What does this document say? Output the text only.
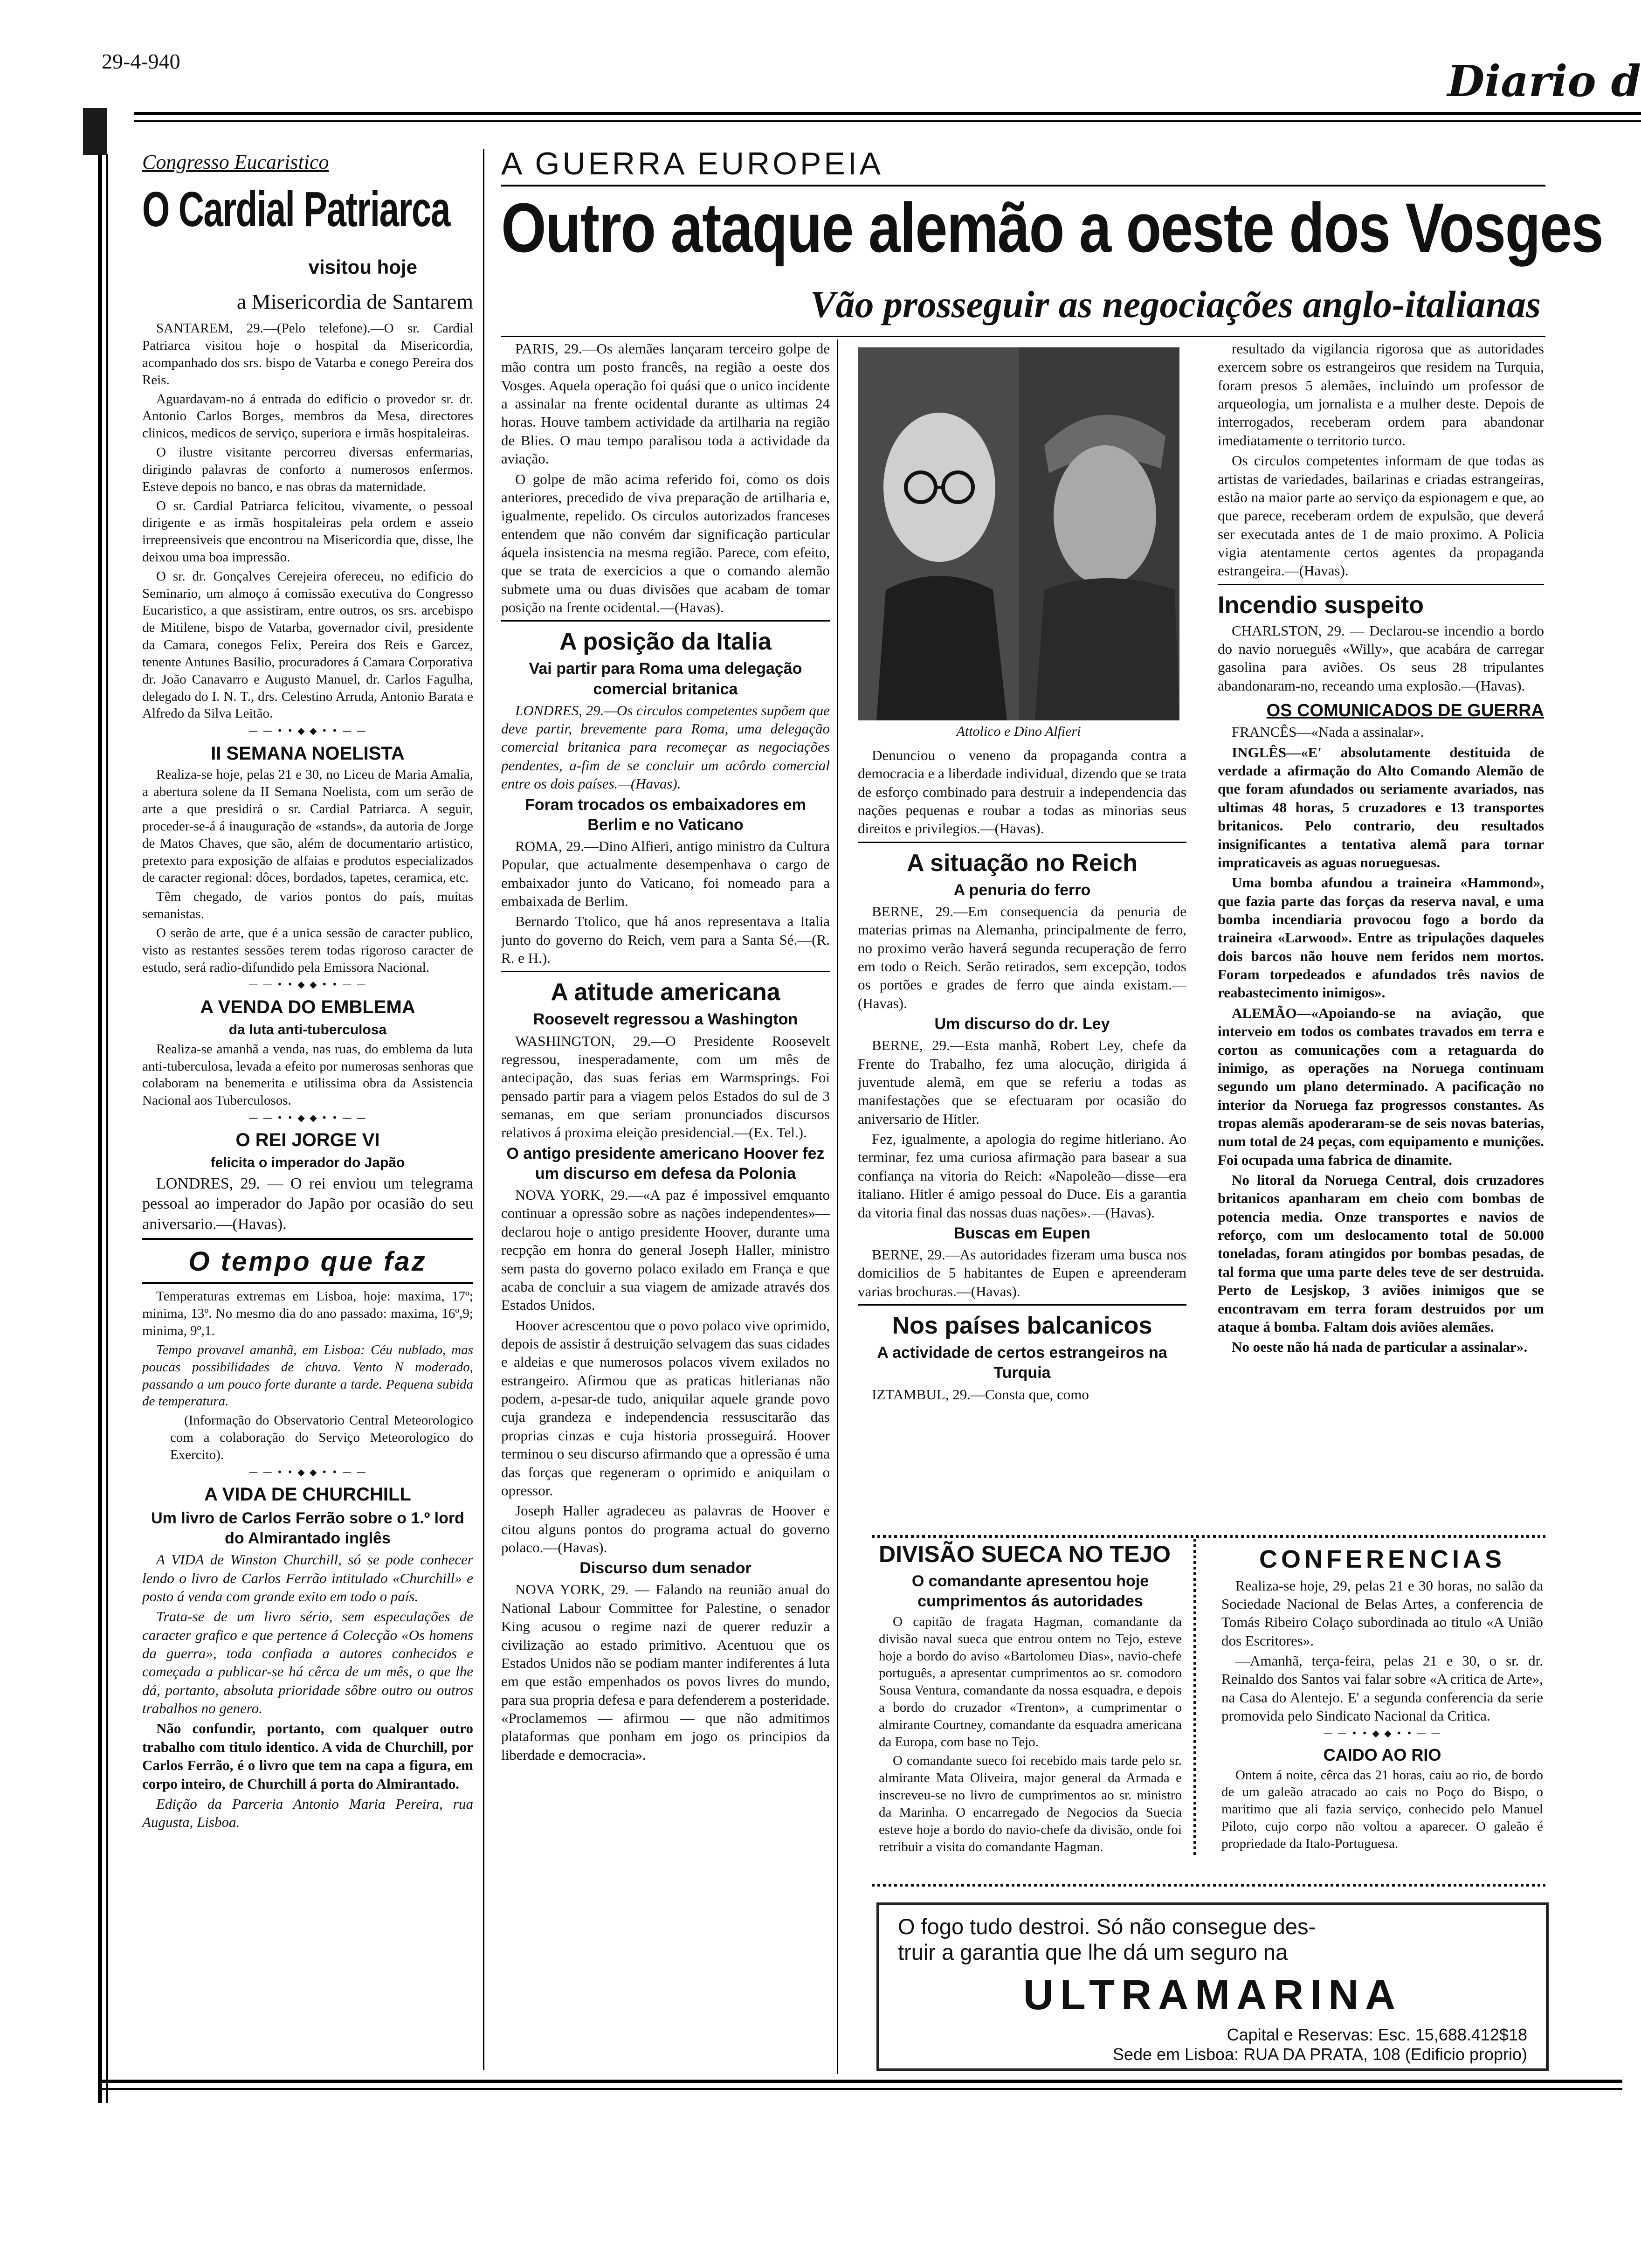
29-4-940	Diario d
Congresso Eucaristico
O Cardial Patriarca
visitou hoje
a Misericordia de Santarem

SANTAREM, 29.—(Pelo telefone).—O sr. Cardial Patriarca visitou hoje o hospital da Misericordia, acompanhado dos srs. bispo de Vatarba e conego Pereira dos Reis.

Aguardavam-no á entrada do edificio o provedor sr. dr. Antonio Carlos Borges, membros da Mesa, directores clinicos, medicos de serviço, superiora e irmãs hospitaleiras.

O ilustre visitante percorreu diversas enfermarias, dirigindo palavras de conforto a numerosos enfermos. Esteve depois no banco, e nas obras da maternidade.

O sr. Cardial Patriarca felicitou, vivamente, o pessoal dirigente e as irmãs hospitaleiras pela ordem e asseio irrepreensiveis que encontrou na Misericordia que, disse, lhe deixou uma boa impressão.

O sr. dr. Gonçalves Cerejeira ofereceu, no edificio do Seminario, um almoço á comissão executiva do Congresso Eucaristico, a que assistiram, entre outros, os srs. arcebispo de Mitilene, bispo de Vatarba, governador civil, presidente da Camara, conegos Felix, Pereira dos Reis e Garcez, tenente Antunes Basilio, procuradores á Camara Corporativa dr. João Canavarro e Augusto Manuel, dr. Carlos Fagulha, delegado do I. N. T., drs. Celestino Arruda, Antonio Barata e Alfredo da Silva Leitão.

— — • • ◆ ◆ • • — —
II SEMANA NOELISTA

Realiza-se hoje, pelas 21 e 30, no Liceu de Maria Amalia, a abertura solene da II Semana Noelista, com um serão de arte a que presidirá o sr. Cardial Patriarca. A seguir, proceder-se-á á inauguração de «stands», da autoria de Jorge de Matos Chaves, que são, além de documentario artistico, pretexto para exposição de alfaias e produtos especializados de caracter regional: dôces, bordados, tapetes, ceramica, etc.

Têm chegado, de varios pontos do país, muitas semanistas.

O serão de arte, que é a unica sessão de caracter publico, visto as restantes sessões terem todas rigoroso caracter de estudo, será radio-difundido pela Emissora Nacional.

— — • • ◆ ◆ • • — —
A VENDA DO EMBLEMA
da luta anti-tuberculosa

Realiza-se amanhã a venda, nas ruas, do emblema da luta anti-tuberculosa, levada a efeito por numerosas senhoras que colaboram na benemerita e utilissima obra da Assistencia Nacional aos Tuberculosos.

— — • • ◆ ◆ • • — —
O REI JORGE VI
felicita o imperador do Japão

LONDRES, 29. — O rei enviou um telegrama pessoal ao imperador do Japão por ocasião do seu aniversario.—(Havas).

O tempo que faz

Temperaturas extremas em Lisboa, hoje: maxima, 17º; minima, 13º. No mesmo dia do ano passado: maxima, 16º,9; minima, 9º,1.

Tempo provavel amanhã, em Lisboa: Céu nublado, mas poucas possibilidades de chuva. Vento N moderado, passando a um pouco forte durante a tarde. Pequena subida de temperatura.

(Informação do Observatorio Central Meteorologico com a colaboração do Serviço Meteorologico do Exercito).

— — • • ◆ ◆ • • — —
A VIDA DE CHURCHILL
Um livro de Carlos Ferrão sobre o 1.º lord do Almirantado inglês

A VIDA de Winston Churchill, só se pode conhecer lendo o livro de Carlos Ferrão intitulado «Churchill» e posto á venda com grande exito em todo o país.

Trata-se de um livro sério, sem especulações de caracter grafico e que pertence á Colecção «Os homens da guerra», toda confiada a autores conhecidos e começada a publicar-se há cêrca de um mês, o que lhe dá, portanto, absoluta prioridade sôbre outro ou outros trabalhos no genero.

Não confundir, portanto, com qualquer outro trabalho com titulo identico. A vida de Churchill, por Carlos Ferrão, é o livro que tem na capa a figura, em corpo inteiro, de Churchill á porta do Almirantado.

Edição da Parceria Antonio Maria Pereira, rua Augusta, Lisboa.

A GUERRA EUROPEIA
Outro ataque alemão a oeste dos Vosges
Vão prosseguir as negociações anglo-italianas

PARIS, 29.—Os alemães lançaram terceiro golpe de mão contra um posto francês, na região a oeste dos Vosges. Aquela operação foi quási que o unico incidente a assinalar na frente ocidental durante as ultimas 24 horas. Houve tambem actividade da artilharia na região de Blies. O mau tempo paralisou toda a actividade da aviação.

O golpe de mão acima referido foi, como os dois anteriores, precedido de viva preparação de artilharia e, igualmente, repelido. Os circulos autorizados franceses entendem que não convém dar significação particular áquela insistencia na mesma região. Parece, com efeito, que se trata de exercicios a que o comando alemão submete uma ou duas divisões que acabam de tomar posição na frente ocidental.—(Havas).

A posição da Italia
Vai partir para Roma uma delegação comercial britanica

LONDRES, 29.—Os circulos competentes supõem que deve partir, brevemente para Roma, uma delegação comercial britanica para recomeçar as negociações pendentes, a-fim de se concluir um acôrdo comercial entre os dois países.—(Havas).

Foram trocados os embaixadores em Berlim e no Vaticano

ROMA, 29.—Dino Alfieri, antigo ministro da Cultura Popular, que actualmente desempenhava o cargo de embaixador junto do Vaticano, foi nomeado para a embaixada de Berlim.

Bernardo Ttolico, que há anos representava a Italia junto do governo do Reich, vem para a Santa Sé.—(R. R. e H.).

A atitude americana
Roosevelt regressou a Washington

WASHINGTON, 29.—O Presidente Roosevelt regressou, inesperadamente, com um mês de antecipação, das suas ferias em Warmsprings. Foi pensado partir para a viagem pelos Estados do sul de 3 semanas, em que seriam pronunciados discursos relativos á proxima eleição presidencial.—(Ex. Tel.).

O antigo presidente americano Hoover fez um discurso em defesa da Polonia

NOVA YORK, 29.—«A paz é impossivel emquanto continuar a opressão sobre as nações independentes»—declarou hoje o antigo presidente Hoover, durante uma recpção em honra do general Joseph Haller, ministro sem pasta do governo polaco exilado em França e que acaba de concluir a sua viagem de amizade através dos Estados Unidos.

Hoover acrescentou que o povo polaco vive oprimido, depois de assistir á destruição selvagem das suas cidades e aldeias e que numerosos polacos vivem exilados no estrangeiro. Afirmou que as praticas hitlerianas não podem, a-pesar-de tudo, aniquilar aquele grande povo cuja grandeza e independencia ressuscitarão das proprias cinzas e cuja historia prosseguirá. Hoover terminou o seu discurso afirmando que a opressão é uma das forças que regeneram o oprimido e aniquilam o opressor.

Joseph Haller agradeceu as palavras de Hoover e citou alguns pontos do programa actual do governo polaco.—(Havas).

Discurso dum senador

NOVA YORK, 29. — Falando na reunião anual do National Labour Committee for Palestine, o senador King acusou o regime nazi de querer reduzir a civilização ao estado primitivo. Acentuou que os Estados Unidos não se podiam manter indiferentes á luta em que estão empenhados os povos livres do mundo, para sua propria defesa e para defenderem a posteridade. «Proclamemos — afirmou — que não admitimos plataformas que ponham em jogo os principios da liberdade e democracia».

Attolico e Dino Alfieri

Denunciou o veneno da propaganda contra a democracia e a liberdade individual, dizendo que se trata de esforço combinado para destruir a independencia das nações pequenas e roubar a todas as minorias seus direitos e privilegios.—(Havas).

A situação no Reich
A penuria do ferro

BERNE, 29.—Em consequencia da penuria de materias primas na Alemanha, principalmente de ferro, no proximo verão haverá segunda recuperação de ferro em todo o Reich. Serão retirados, sem excepção, todos os portões e grades de ferro que ainda existam.—(Havas).

Um discurso do dr. Ley

BERNE, 29.—Esta manhã, Robert Ley, chefe da Frente do Trabalho, fez uma alocução, dirigida á juventude alemã, em que se referiu a todas as manifestações que se efectuaram por ocasião do aniversario de Hitler.

Fez, igualmente, a apologia do regime hitleriano. Ao terminar, fez uma curiosa afirmação para basear a sua confiança na vitoria do Reich: «Napoleão—disse—era italiano. Hitler é amigo pessoal do Duce. Eis a garantia da vitoria final das nossas duas nações».—(Havas).

Buscas em Eupen

BERNE, 29.—As autoridades fizeram uma busca nos domicilios de 5 habitantes de Eupen e apreenderam varias brochuras.—(Havas).

Nos países balcanicos
A actividade de certos estrangeiros na Turquia

IZTAMBUL, 29.—Consta que, como

resultado da vigilancia rigorosa que as autoridades exercem sobre os estrangeiros que residem na Turquia, foram presos 5 alemães, incluindo um professor de arqueologia, um jornalista e a mulher deste. Depois de interrogados, receberam ordem para abandonar imediatamente o territorio turco.

Os circulos competentes informam de que todas as artistas de variedades, bailarinas e criadas estrangeiras, estão na maior parte ao serviço da espionagem e que, ao que parece, receberam ordem de expulsão, que deverá ser executada antes de 1 de maio proximo. A Policia vigia atentamente certos agentes da propaganda estrangeira.—(Havas).

Incendio suspeito

CHARLSTON, 29. — Declarou-se incendio a bordo do navio norueguês «Willy», que acabára de carregar gasolina para aviões. Os seus 28 tripulantes abandonaram-no, receando uma explosão.—(Havas).

OS COMUNICADOS DE GUERRA

FRANCÊS—«Nada a assinalar».

INGLÊS—«E' absolutamente destituida de verdade a afirmação do Alto Comando Alemão de que foram afundados ou seriamente avariados, nas ultimas 48 horas, 5 cruzadores e 13 transportes britanicos. Pelo contrario, deu resultados insignificantes a tentativa alemã para tornar impraticaveis as aguas norueguesas.

Uma bomba afundou a traineira «Hammond», que fazia parte das forças da reserva naval, e uma bomba incendiaria provocou fogo a bordo da traineira «Larwood». Entre as tripulações daqueles dois barcos não houve nem feridos nem mortos. Foram torpedeados e afundados três navios de reabastecimento inimigos».

ALEMÃO—«Apoiando-se na aviação, que interveio em todos os combates travados em terra e cortou as comunicações com a retaguarda do inimigo, as operações na Noruega continuam segundo um plano determinado. A pacificação no interior da Noruega faz progressos constantes. As tropas alemãs apoderaram-se de seis novas baterias, num total de 24 peças, com equipamento e munições. Foi ocupada uma fabrica de dinamite.

No litoral da Noruega Central, dois cruzadores britanicos apanharam em cheio com bombas de potencia media. Onze transportes e navios de reforço, com um deslocamento total de 50.000 toneladas, foram atingidos por bombas pesadas, de tal forma que uma parte deles teve de ser destruida. Perto de Lesjskop, 3 aviões inimigos que se encontravam em terra foram destruidos por um ataque á bomba. Faltam dois aviões alemães.

No oeste não há nada de particular a assinalar».

DIVISÃO SUECA NO TEJO
O comandante apresentou hoje cumprimentos ás autoridades

O capitão de fragata Hagman, comandante da divisão naval sueca que entrou ontem no Tejo, esteve hoje a bordo do aviso «Bartolomeu Dias», navio-chefe português, a apresentar cumprimentos ao sr. comodoro Sousa Ventura, comandante da nossa esquadra, e depois a bordo do cruzador «Trenton», a cumprimentar o almirante Courtney, comandante da esquadra americana da Europa, com base no Tejo.

O comandante sueco foi recebido mais tarde pelo sr. almirante Mata Oliveira, major general da Armada e inscreveu-se no livro de cumprimentos ao sr. ministro da Marinha. O encarregado de Negocios da Suecia esteve hoje a bordo do navio-chefe da divisão, onde foi retribuir a visita do comandante Hagman.

CONFERENCIAS

Realiza-se hoje, 29, pelas 21 e 30 horas, no salão da Sociedade Nacional de Belas Artes, a conferencia de Tomás Ribeiro Colaço subordinada ao titulo «A União dos Escritores».

—Amanhã, terça-feira, pelas 21 e 30, o sr. dr. Reinaldo dos Santos vai falar sobre «A critica de Arte», na Casa do Alentejo. E' a segunda conferencia da serie promovida pelo Sindicato Nacional da Critica.

— — • • ◆ ◆ • • — —
CAIDO AO RIO

Ontem á noite, cêrca das 21 horas, caiu ao rio, de bordo de um galeão atracado ao cais no Poço do Bispo, o maritimo que ali fazia serviço, conhecido pelo Manuel Piloto, cujo corpo não voltou a aparecer. O galeão é propriedade da Italo-Portuguesa.

O fogo tudo destroi. Só não consegue des-
truir a garantia que lhe dá um seguro na
ULTRAMARINA
Capital e Reservas: Esc. 15,688.412$18
Sede em Lisboa: RUA DA PRATA, 108 (Edificio proprio)
